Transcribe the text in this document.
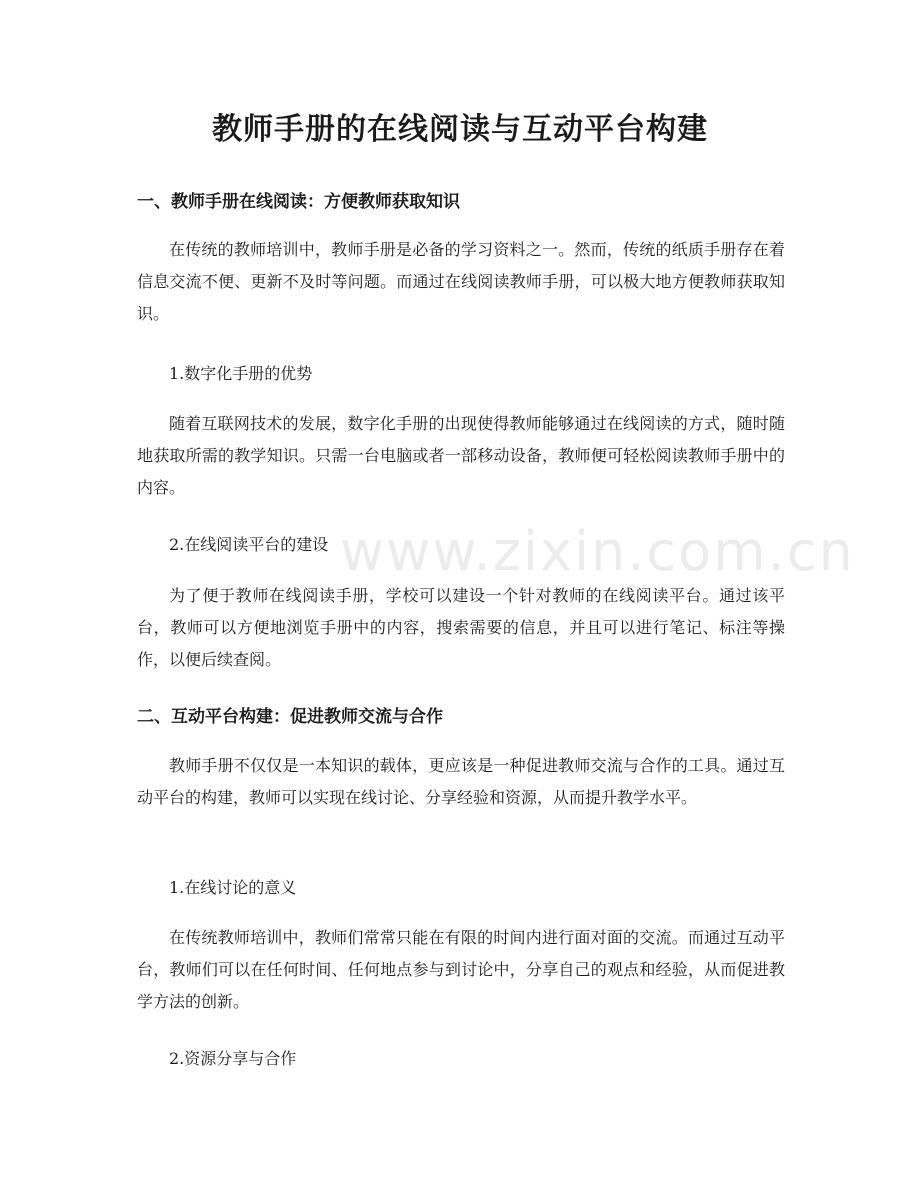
www.zixin.com.cn
教师手册的在线阅读与互动平台构建
一、教师手册在线阅读：方便教师获取知识

在传统的教师培训中，教师手册是必备的学习资料之一。然而，传统的纸质手册存在着信息交流不便、更新不及时等问题。而通过在线阅读教师手册，可以极大地方便教师获取知识。

1.数字化手册的优势

随着互联网技术的发展，数字化手册的出现使得教师能够通过在线阅读的方式，随时随地获取所需的教学知识。只需一台电脑或者一部移动设备，教师便可轻松阅读教师手册中的内容。

2.在线阅读平台的建设

为了便于教师在线阅读手册，学校可以建设一个针对教师的在线阅读平台。通过该平台，教师可以方便地浏览手册中的内容，搜索需要的信息，并且可以进行笔记、标注等操作，以便后续查阅。

二、互动平台构建：促进教师交流与合作

教师手册不仅仅是一本知识的载体，更应该是一种促进教师交流与合作的工具。通过互动平台的构建，教师可以实现在线讨论、分享经验和资源，从而提升教学水平。

1.在线讨论的意义

在传统教师培训中，教师们常常只能在有限的时间内进行面对面的交流。而通过互动平台，教师们可以在任何时间、任何地点参与到讨论中，分享自己的观点和经验，从而促进教学方法的创新。

2.资源分享与合作
